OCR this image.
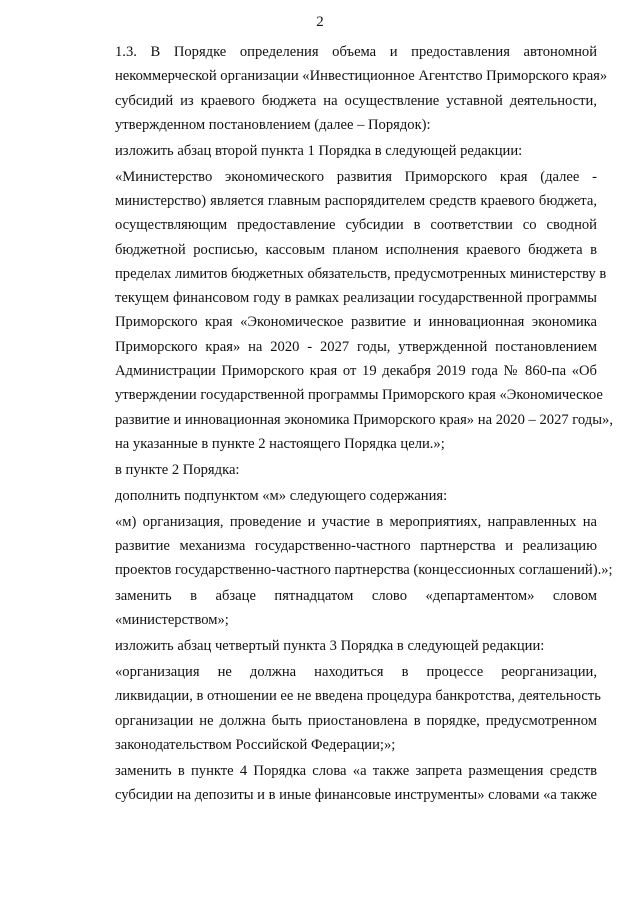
2
1.3. В Порядке определения объема и предоставления автономной
некоммерческой организации «Инвестиционное Агентство Приморского края»
субсидий из краевого бюджета на осуществление уставной деятельности,
утвержденном постановлением (далее – Порядок):
изложить абзац второй пункта 1 Порядка в следующей редакции:
«Министерство экономического развития Приморского края (далее -
министерство) является главным распорядителем средств краевого бюджета,
осуществляющим предоставление субсидии в соответствии со сводной
бюджетной росписью, кассовым планом исполнения краевого бюджета в
пределах лимитов бюджетных обязательств, предусмотренных министерству в
текущем финансовом году в рамках реализации государственной программы
Приморского края «Экономическое развитие и инновационная экономика
Приморского края» на 2020 - 2027 годы, утвержденной постановлением
Администрации Приморского края от 19 декабря 2019 года № 860-па «Об
утверждении государственной программы Приморского края «Экономическое
развитие и инновационная экономика Приморского края» на 2020 – 2027 годы»,
на указанные в пункте 2 настоящего Порядка цели.»;
в пункте 2 Порядка:
дополнить подпунктом «м» следующего содержания:
«м) организация, проведение и участие в мероприятиях, направленных на
развитие механизма государственно-частного партнерства и реализацию
проектов государственно-частного партнерства (концессионных соглашений).»;
заменить в абзаце пятнадцатом слово «департаментом» словом
«министерством»;
изложить абзац четвертый пункта 3 Порядка в следующей редакции:
«организация не должна находиться в процессе реорганизации,
ликвидации, в отношении ее не введена процедура банкротства, деятельность
организации не должна быть приостановлена в порядке, предусмотренном
законодательством Российской Федерации;»;
заменить в пункте 4 Порядка слова «а также запрета размещения средств
субсидии на депозиты и в иные финансовые инструменты» словами «а также
